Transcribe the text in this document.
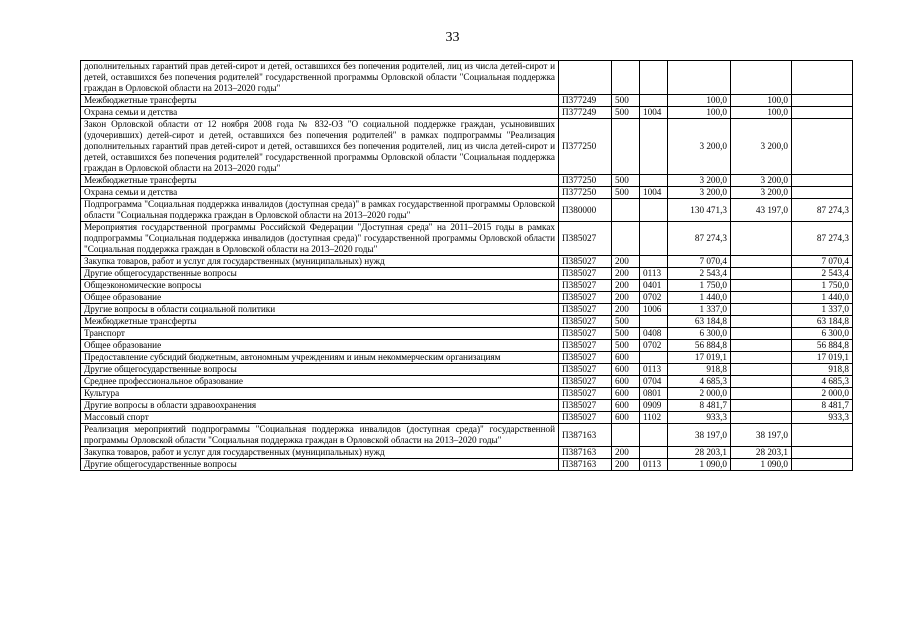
33
дополнительных гарантий прав детей-сирот и детей, оставшихся без попечения родителей, лиц из числа детей-сирот и детей, оставшихся без попечения родителей" государственной программы Орловской области "Социальная поддержка граждан в Орловской области на 2013–2020 годы"						
Межбюджетные трансферты	П377249	500		100,0	100,0	
Охрана семьи и детства	П377249	500	1004	100,0	100,0	
Закон Орловской области от 12 ноября 2008 года № 832-ОЗ "О социальной поддержке граждан, усыновивших (удочеривших) детей-сирот и детей, оставшихся без попечения родителей" в рамках подпрограммы "Реализация дополнительных гарантий прав детей-сирот и детей, оставшихся без попечения родителей, лиц из числа детей-сирот и детей, оставшихся без попечения родителей" государственной программы Орловской области "Социальная поддержка граждан в Орловской области на 2013–2020 годы"	П377250			3 200,0	3 200,0	
Межбюджетные трансферты	П377250	500		3 200,0	3 200,0	
Охрана семьи и детства	П377250	500	1004	3 200,0	3 200,0	
Подпрограмма "Социальная поддержка инвалидов (доступная среда)" в рамках государственной программы Орловской области "Социальная поддержка граждан в Орловской области на 2013–2020 годы"	П380000			130 471,3	43 197,0	87 274,3
Мероприятия государственной программы Российской Федерации "Доступная среда" на 2011–2015 годы в рамках подпрограммы "Социальная поддержка инвалидов (доступная среда)" государственной программы Орловской области "Социальная поддержка граждан в Орловской области на 2013–2020 годы"	П385027			87 274,3		87 274,3
Закупка товаров, работ и услуг для государственных (муниципальных) нужд	П385027	200		7 070,4		7 070,4
Другие общегосударственные вопросы	П385027	200	0113	2 543,4		2 543,4
Общеэкономические вопросы	П385027	200	0401	1 750,0		1 750,0
Общее образование	П385027	200	0702	1 440,0		1 440,0
Другие вопросы в области социальной политики	П385027	200	1006	1 337,0		1 337,0
Межбюджетные трансферты	П385027	500		63 184,8		63 184,8
Транспорт	П385027	500	0408	6 300,0		6 300,0
Общее образование	П385027	500	0702	56 884,8		56 884,8
Предоставление субсидий бюджетным, автономным учреждениям и иным некоммерческим организациям	П385027	600		17 019,1		17 019,1
Другие общегосударственные вопросы	П385027	600	0113	918,8		918,8
Среднее профессиональное образование	П385027	600	0704	4 685,3		4 685,3
Культура	П385027	600	0801	2 000,0		2 000,0
Другие вопросы в области здравоохранения	П385027	600	0909	8 481,7		8 481,7
Массовый спорт	П385027	600	1102	933,3		933,3
Реализация мероприятий подпрограммы "Социальная поддержка инвалидов (доступная среда)" государственной программы Орловской области "Социальная поддержка граждан в Орловской области на 2013–2020 годы"	П387163			38 197,0	38 197,0	
Закупка товаров, работ и услуг для государственных (муниципальных) нужд	П387163	200		28 203,1	28 203,1	
Другие общегосударственные вопросы	П387163	200	0113	1 090,0	1 090,0	
